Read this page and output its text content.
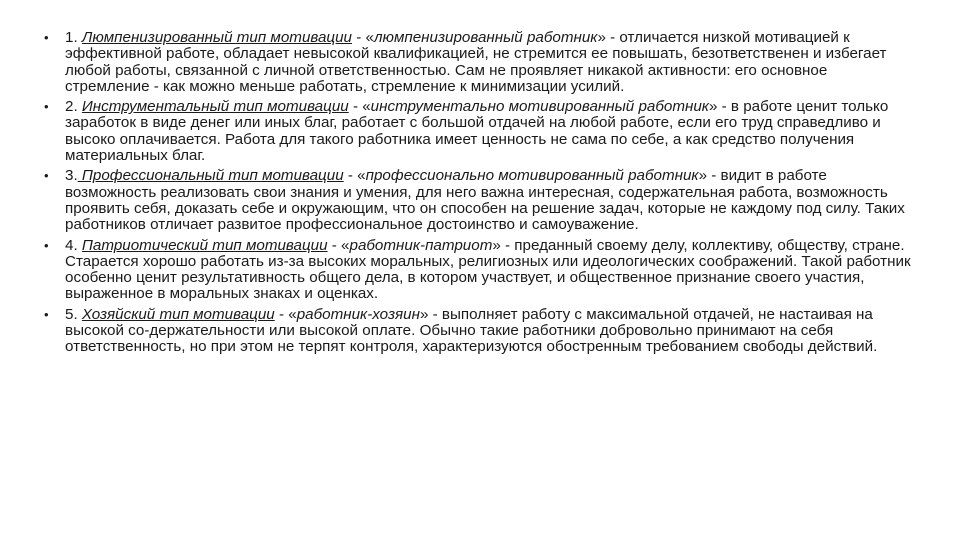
• 1. Люмпенизированный тип мотивации - «люмпенизированный работник» - отличается низкой мотивацией к эффективной работе, обладает невысокой квалификацией, не стремится ее повышать, безответственен и избегает любой работы, связанной с личной ответственностью. Сам не проявляет никакой активности: его основное стремление - как можно меньше работать, стремление к минимизации усилий.
• 2. Инструментальный тип мотивации - «инструментально мотивированный работник» - в работе ценит только заработок в виде денег или иных благ, работает с большой отдачей на любой работе, если его труд справедливо и высоко оплачивается. Работа для такого работника имеет ценность не сама по себе, а как средство получения материальных благ.
• 3. Профессиональный тип мотивации - «профессионально мотивированный работник» - видит в работе возможность реализовать свои знания и умения, для него важна интересная, содержательная работа, возможность проявить себя, доказать себе и окружающим, что он способен на решение задач, которые не каждому под силу. Таких работников отличает развитое профессиональное достоинство и самоуважение.
• 4. Патриотический тип мотивации - «работник-патриот» - преданный своему делу, коллективу, обществу, стране. Старается хорошо работать из-за высоких моральных, религиозных или идеологических соображений. Такой работник особенно ценит результативность общего дела, в котором участвует, и общественное признание своего участия, выраженное в моральных знаках и оценках.
• 5. Хозяйский тип мотивации - «работник-хозяин» - выполняет работу с максимальной отдачей, не настаивая на высокой со-держательности или высокой оплате. Обычно такие работники добровольно принимают на себя ответственность, но при этом не терпят контроля, характеризуются обостренным требованием свободы действий.
